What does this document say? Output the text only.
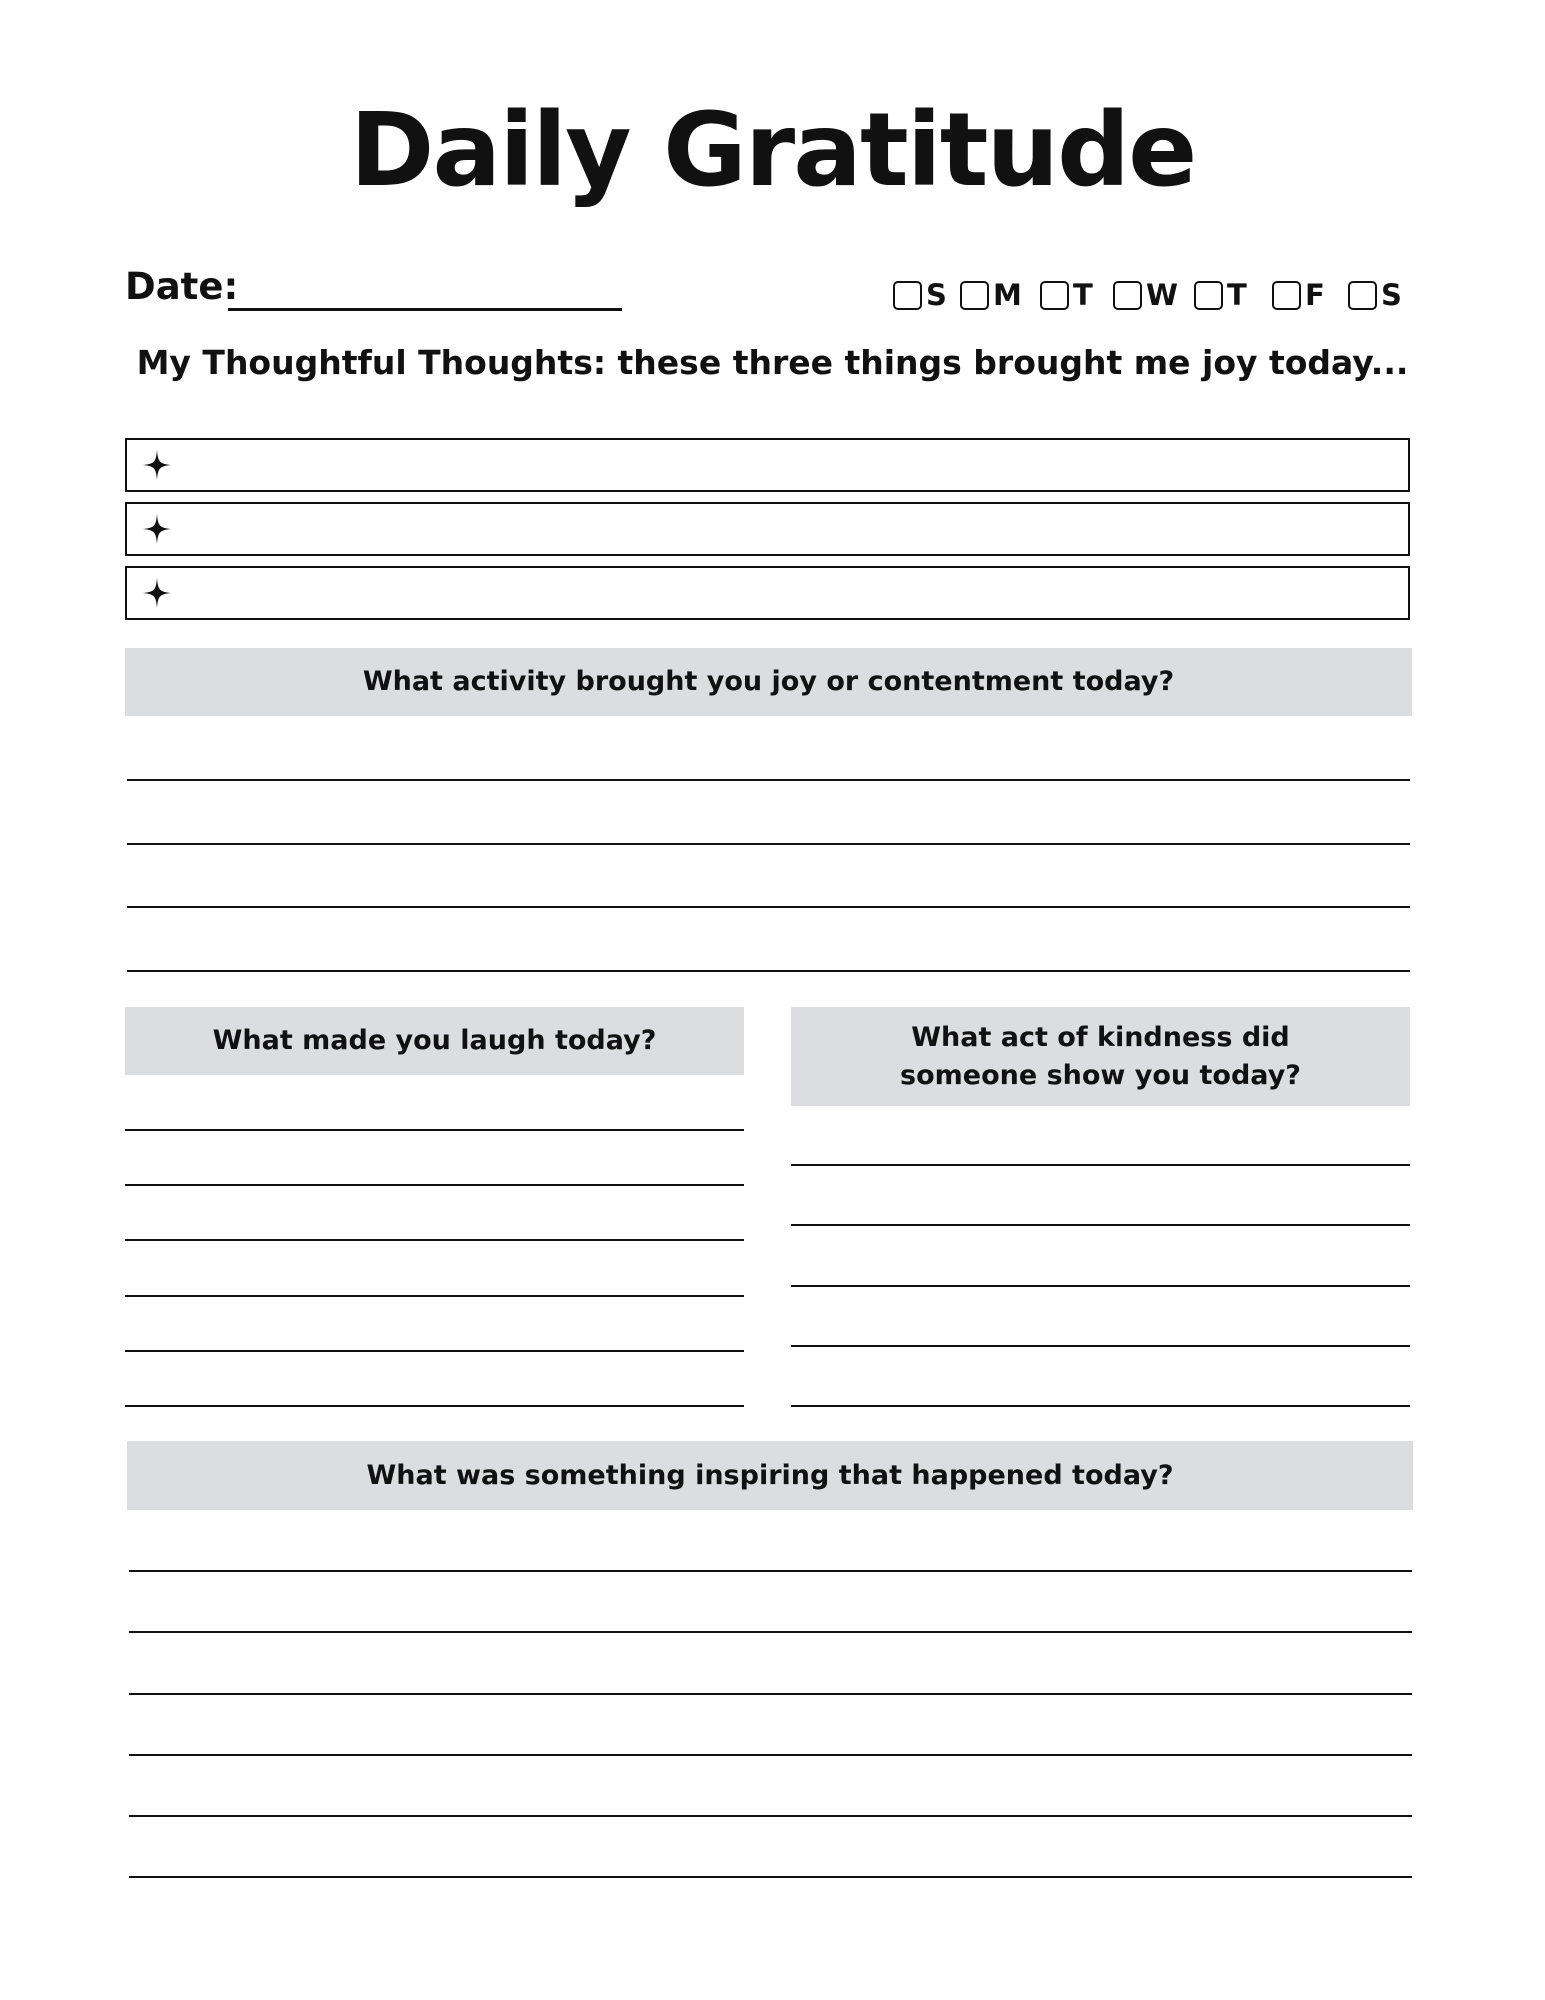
Daily Gratitude
Date:	S M T W T F S
My Thoughtful Thoughts: these three things brought me joy today...
What activity brought you joy or contentment today?
What made you laugh today?	What act of kindness did
someone show you today?
What was something inspiring that happened today?
